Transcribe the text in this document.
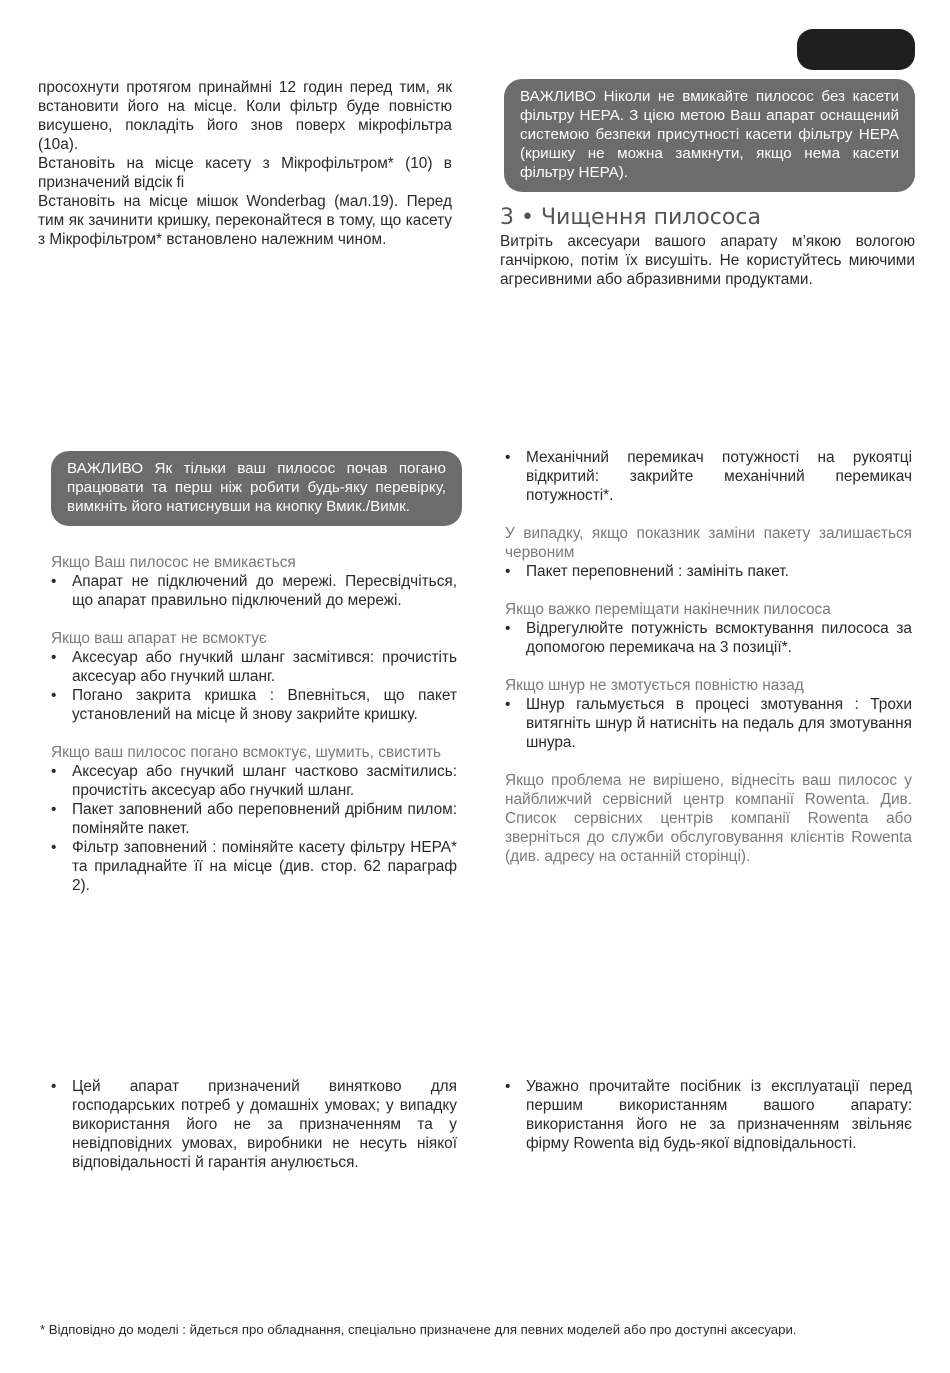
просохнути протягом принаймні 12 годин перед тим, як встановити його на місце. Коли фільтр буде повністю висушено, покладіть його знов поверх мікрофільтра (10a).

Встановіть на місце касету з Мікрофільтром* (10) в призначений відсік fi

Встановіть на місце мішок Wonderbag (мал.19). Перед тим як зачинити кришку, переконайтеся в тому, що касету з Мікрофільтром* встановлено належним чином.

ВАЖЛИВО Ніколи не вмикайте пилосос без касети фільтру HEPA. З цією метою Ваш апарат оснащений системою безпеки присутності касети фільтру HEPA (кришку не можна замкнути, якщо нема касети фільтру HEPA).
3 • Чищення пилососа
Витріть аксесуари вашого апарату м’якою вологою ганчіркою, потім їх висушіть. Не користуйтесь миючими агресивними або абразивними продуктами.
ВАЖЛИВО Як тільки ваш пилосос почав погано працювати та перш ніж робити будь-яку перевірку, вимкніть його натиснувши на кнопку Вмик./Вимк.

Якщо Ваш пилосос не вмикається

• Апарат не підключений до мережі. Пересвідчіться, що апарат правильно підключений до мережі.

Якщо ваш апарат не всмоктує

• Аксесуар або гнучкий шланг засмітився: прочистіть аксесуар або гнучкий шланг.
• Погано закрита кришка : Впевніться, що пакет установлений на місце й знову закрийте кришку.

Якщо ваш пилосос погано всмоктує, шумить, свистить

• Аксесуар або гнучкий шланг частково засмітились: прочистіть аксесуар або гнучкий шланг.
• Пакет заповнений або переповнений дрібним пилом: поміняйте пакет.
• Фільтр заповнений : поміняйте касету фільтру HEPA* та приладнайте її на місце (див. стор. 62 параграф 2).
• Механічний перемикач потужності на рукоятці відкритий: закрийте механічний перемикач потужності*.

У випадку, якщо показник заміни пакету залишається червоним

• Пакет переповнений : замініть пакет.

Якщо важко переміщати накінечник пилососа

• Відрегулюйте потужність всмоктування пилососа за допомогою перемикача на 3 позиції*.

Якщо шнур не змотується повністю назад

• Шнур гальмується в процесі змотування : Трохи витягніть шнур й натисніть на педаль для змотування шнура.

Якщо проблема не вирішено, віднесіть ваш пилосос у найближчий сервісний центр компанії Rowenta. Див. Список сервісних центрів компанії Rowenta або зверніться до служби обслуговування клієнтів Rowenta (див. адресу на останній сторінці).

• Цей апарат призначений винятково для господарських потреб у домашніх умовах; у випадку використання його не за призначенням та у невідповідних умовах, виробники не несуть ніякої відповідальності й гарантія анулюється.
• Уважно прочитайте посібник із експлуатації перед першим використанням вашого апарату: використання його не за призначенням звільняє фірму Rowenta від будь-якої відповідальності.
* Відповідно до моделі : йдеться про обладнання, спеціально призначене для певних моделей або про доступні аксесуари.
